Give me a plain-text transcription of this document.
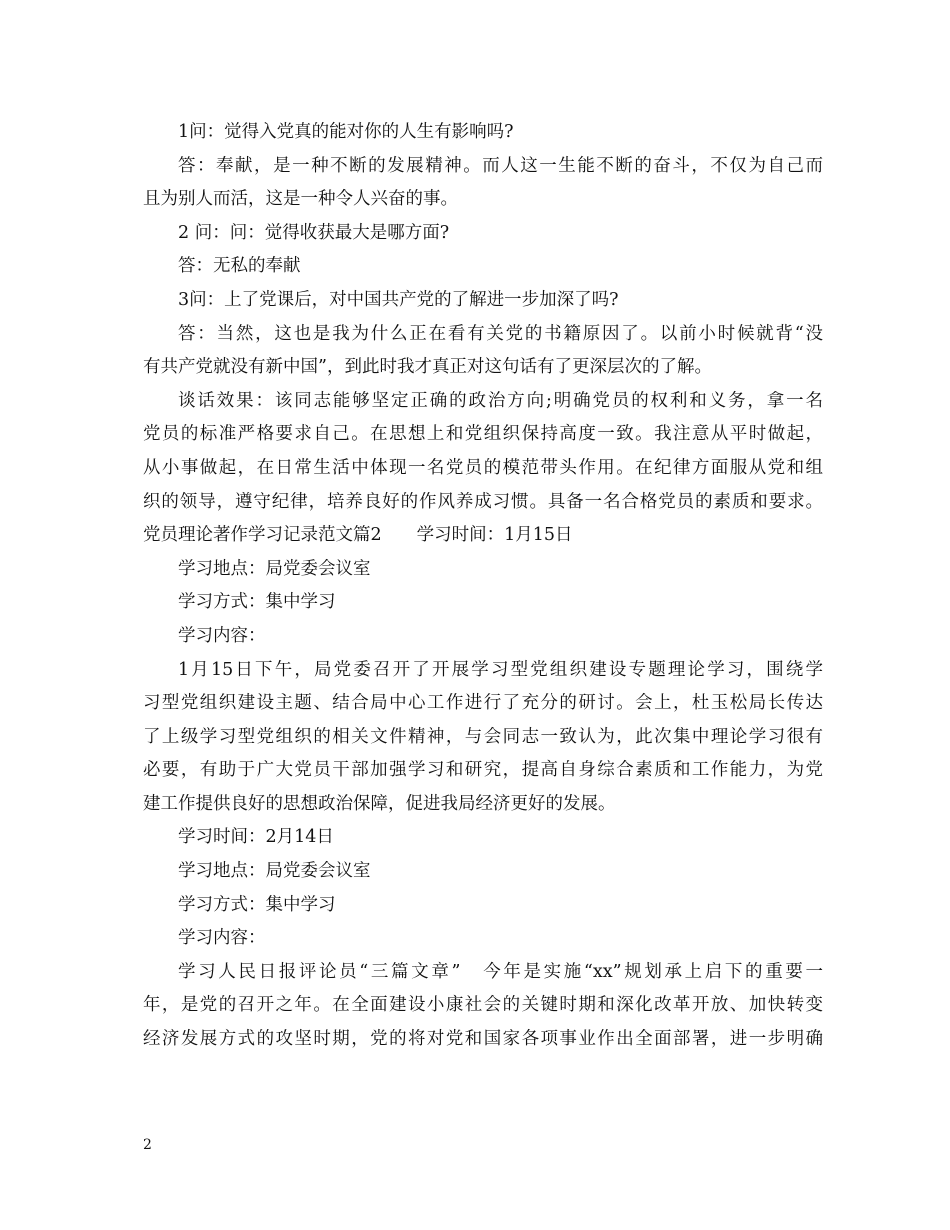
1问：觉得入党真的能对你的人生有影响吗?
答：奉献，是一种不断的发展精神。而人这一生能不断的奋斗，不仅为自己而
且为别人而活，这是一种令人兴奋的事。
2 问：问：觉得收获最大是哪方面?
答：无私的奉献
3问：上了党课后，对中国共产党的了解进一步加深了吗?
答：当然，这也是我为什么正在看有关党的书籍原因了。以前小时候就背“没
有共产党就没有新中国”，到此时我才真正对这句话有了更深层次的了解。
谈话效果：该同志能够坚定正确的政治方向;明确党员的权利和义务，拿一名
党员的标准严格要求自己。在思想上和党组织保持高度一致。我注意从平时做起，
从小事做起，在日常生活中体现一名党员的模范带头作用。在纪律方面服从党和组
织的领导，遵守纪律，培养良好的作风养成习惯。具备一名合格党员的素质和要求。
党员理论著作学习记录范文篇2　　学习时间：1月15日
学习地点：局党委会议室
学习方式：集中学习
学习内容：
1月15日下午，局党委召开了开展学习型党组织建设专题理论学习，围绕学
习型党组织建设主题、结合局中心工作进行了充分的研讨。会上，杜玉松局长传达
了上级学习型党组织的相关文件精神，与会同志一致认为，此次集中理论学习很有
必要，有助于广大党员干部加强学习和研究，提高自身综合素质和工作能力，为党
建工作提供良好的思想政治保障，促进我局经济更好的发展。
学习时间：2月14日
学习地点：局党委会议室
学习方式：集中学习
学习内容：
学习人民日报评论员“三篇文章”　今年是实施“xx”规划承上启下的重要一
年，是党的召开之年。在全面建设小康社会的关键时期和深化改革开放、加快转变
经济发展方式的攻坚时期，党的将对党和国家各项事业作出全面部署，进一步明确
2
